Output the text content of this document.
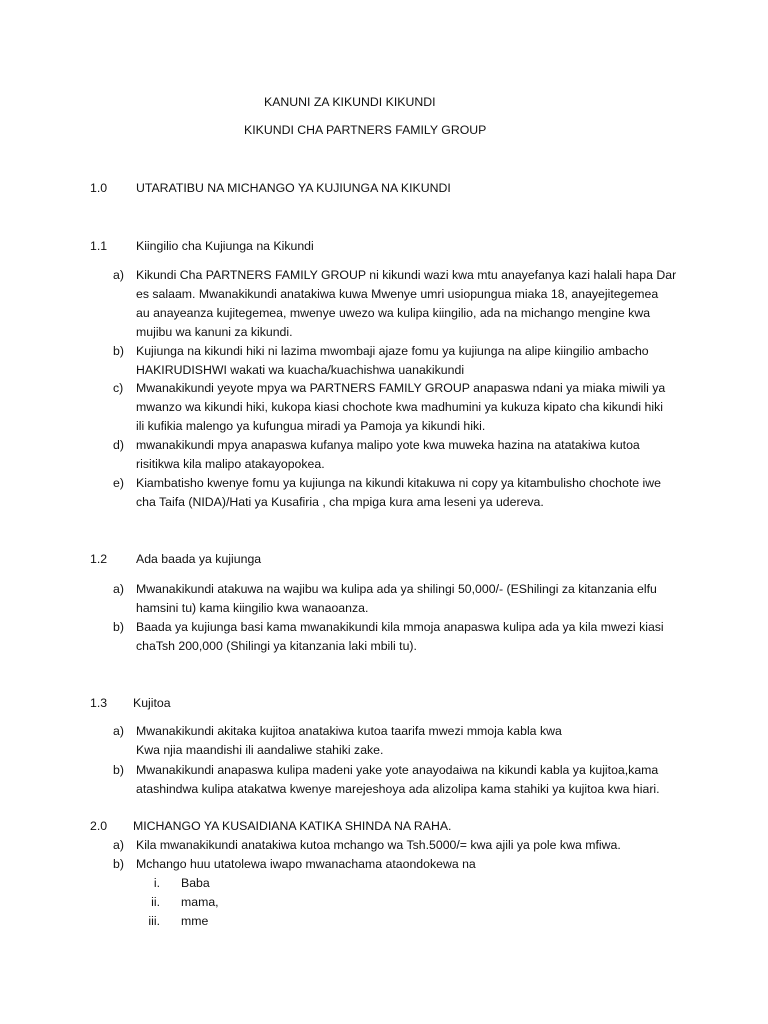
KANUNI ZA KIKUNDI KIKUNDI
KIKUNDI CHA PARTNERS FAMILY GROUP
1.0 UTARATIBU NA MICHANGO YA KUJIUNGA NA KIKUNDI
1.1 Kiingilio cha Kujiunga na Kikundi
a) Kikundi Cha PARTNERS FAMILY GROUP ni kikundi wazi kwa mtu anayefanya kazi halali hapa Dar
es salaam. Mwanakikundi anatakiwa kuwa Mwenye umri usiopungua miaka 18, anayejitegemea
au anayeanza kujitegemea, mwenye uwezo wa kulipa kiingilio, ada na michango mengine kwa
mujibu wa kanuni za kikundi.
b) Kujiunga na kikundi hiki ni lazima mwombaji ajaze fomu ya kujiunga na alipe kiingilio ambacho
HAKIRUDISHWI wakati wa kuacha/kuachishwa uanakikundi
c) Mwanakikundi yeyote mpya wa PARTNERS FAMILY GROUP anapaswa ndani ya miaka miwili ya
mwanzo wa kikundi hiki, kukopa kiasi chochote kwa madhumini ya kukuza kipato cha kikundi hiki
ili kufikia malengo ya kufungua miradi ya Pamoja ya kikundi hiki.
d) mwanakikundi mpya anapaswa kufanya malipo yote kwa muweka hazina na atatakiwa kutoa
risitikwa kila malipo atakayopokea.
e) Kiambatisho kwenye fomu ya kujiunga na kikundi kitakuwa ni copy ya kitambulisho chochote iwe
cha Taifa (NIDA)/Hati ya Kusafiria , cha mpiga kura ama leseni ya udereva.
1.2 Ada baada ya kujiunga
a) Mwanakikundi atakuwa na wajibu wa kulipa ada ya shilingi 50,000/- (EShilingi za kitanzania elfu
hamsini tu) kama kiingilio kwa wanaoanza.
b) Baada ya kujiunga basi kama mwanakikundi kila mmoja anapaswa kulipa ada ya kila mwezi kiasi
chaTsh 200,000 (Shilingi ya kitanzania laki mbili tu).
1.3 Kujitoa
a) Mwanakikundi akitaka kujitoa anatakiwa kutoa taarifa mwezi mmoja kabla kwa
Kwa njia maandishi ili aandaliwe stahiki zake.
b) Mwanakikundi anapaswa kulipa madeni yake yote anayodaiwa na kikundi kabla ya kujitoa,kama
atashindwa kulipa atakatwa kwenye marejeshoya ada alizolipa kama stahiki ya kujitoa kwa hiari.
2.0 MICHANGO YA KUSAIDIANA KATIKA SHINDA NA RAHA.
a) Kila mwanakikundi anatakiwa kutoa mchango wa Tsh.5000/= kwa ajili ya pole kwa mfiwa.
b) Mchango huu utatolewa iwapo mwanachama ataondokewa na
i. Baba
ii. mama,
iii. mme
